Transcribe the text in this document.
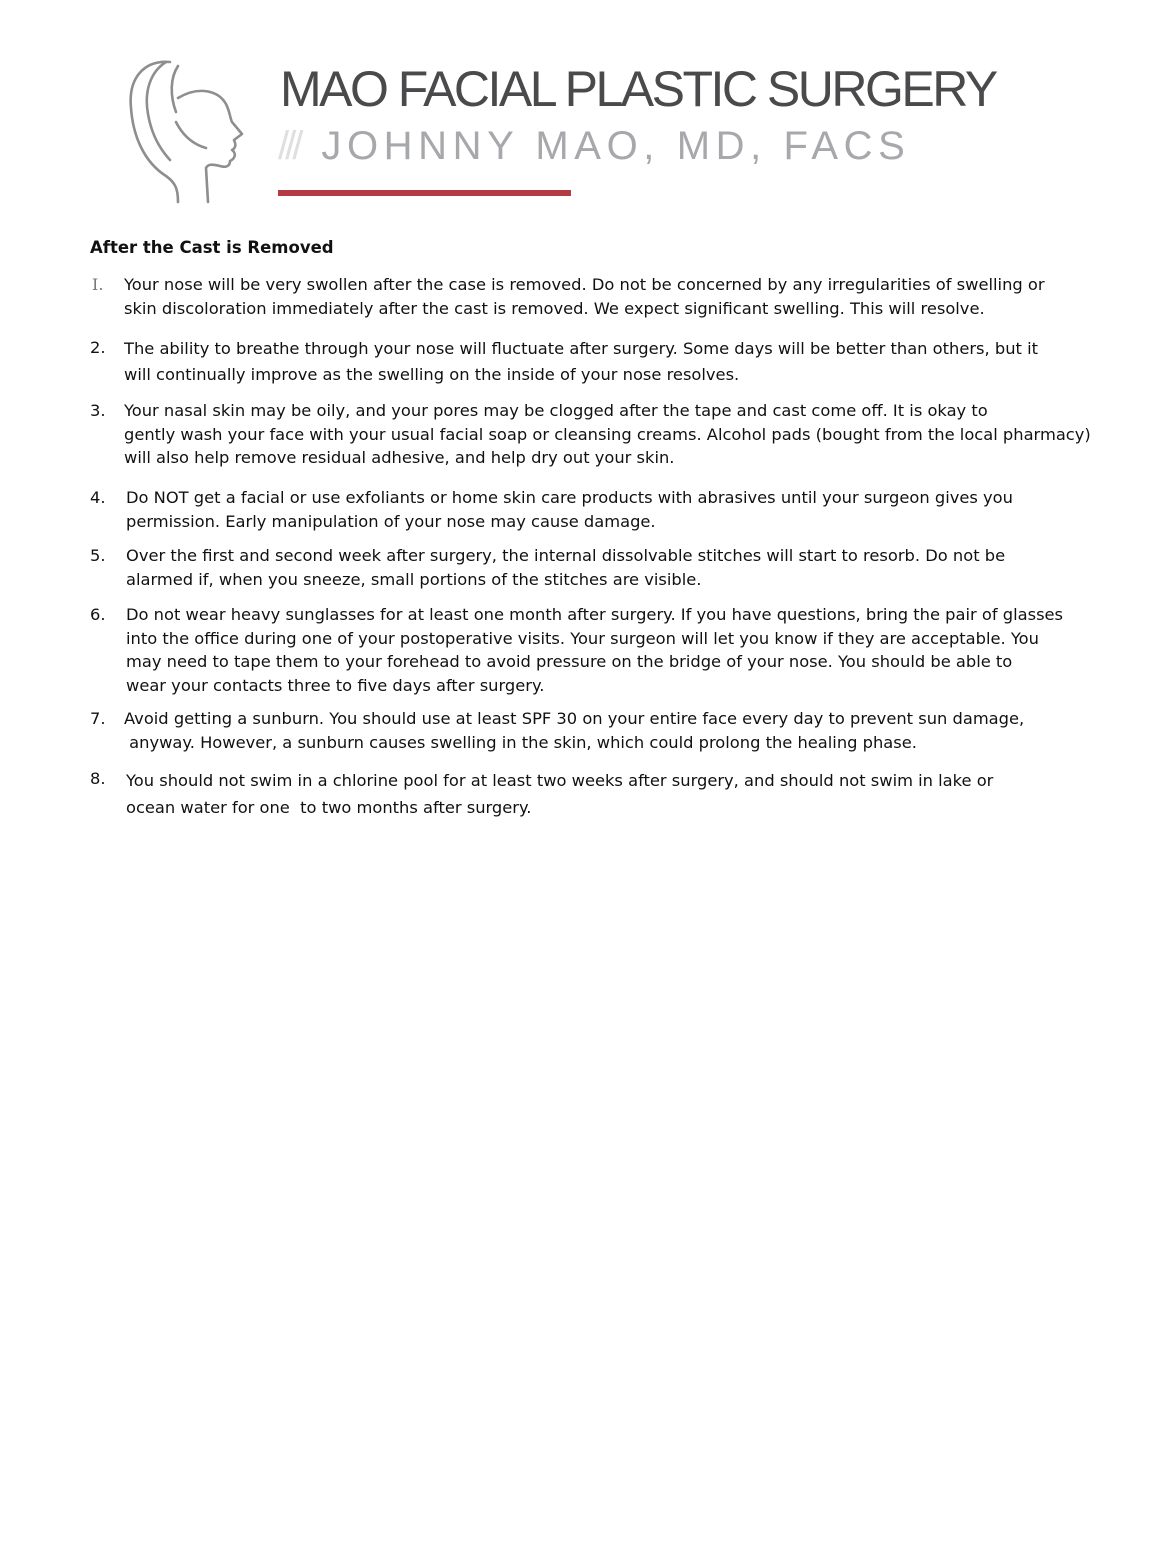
MAO FACIAL PLASTIC SURGERY
/// JOHNNY MAO, MD, FACS
After the Cast is Removed
I. Your nose will be very swollen after the case is removed. Do not be concerned by any irregularities of swelling or
skin discoloration immediately after the cast is removed. We expect significant swelling. This will resolve.
2. The ability to breathe through your nose will fluctuate after surgery. Some days will be better than others, but it
will continually improve as the swelling on the inside of your nose resolves.
3. Your nasal skin may be oily, and your pores may be clogged after the tape and cast come off. It is okay to
gently wash your face with your usual facial soap or cleansing creams. Alcohol pads (bought from the local pharmacy)
will also help remove residual adhesive, and help dry out your skin.
4. Do NOT get a facial or use exfoliants or home skin care products with abrasives until your surgeon gives you
permission. Early manipulation of your nose may cause damage.
5. Over the first and second week after surgery, the internal dissolvable stitches will start to resorb. Do not be
alarmed if, when you sneeze, small portions of the stitches are visible.
6. Do not wear heavy sunglasses for at least one month after surgery. If you have questions, bring the pair of glasses
into the office during one of your postoperative visits. Your surgeon will let you know if they are acceptable. You
may need to tape them to your forehead to avoid pressure on the bridge of your nose. You should be able to
wear your contacts three to five days after surgery.
7. Avoid getting a sunburn. You should use at least SPF 30 on your entire face every day to prevent sun damage,
anyway. However, a sunburn causes swelling in the skin, which could prolong the healing phase.
8. You should not swim in a chlorine pool for at least two weeks after surgery, and should not swim in lake or
ocean water for one  to two months after surgery.
